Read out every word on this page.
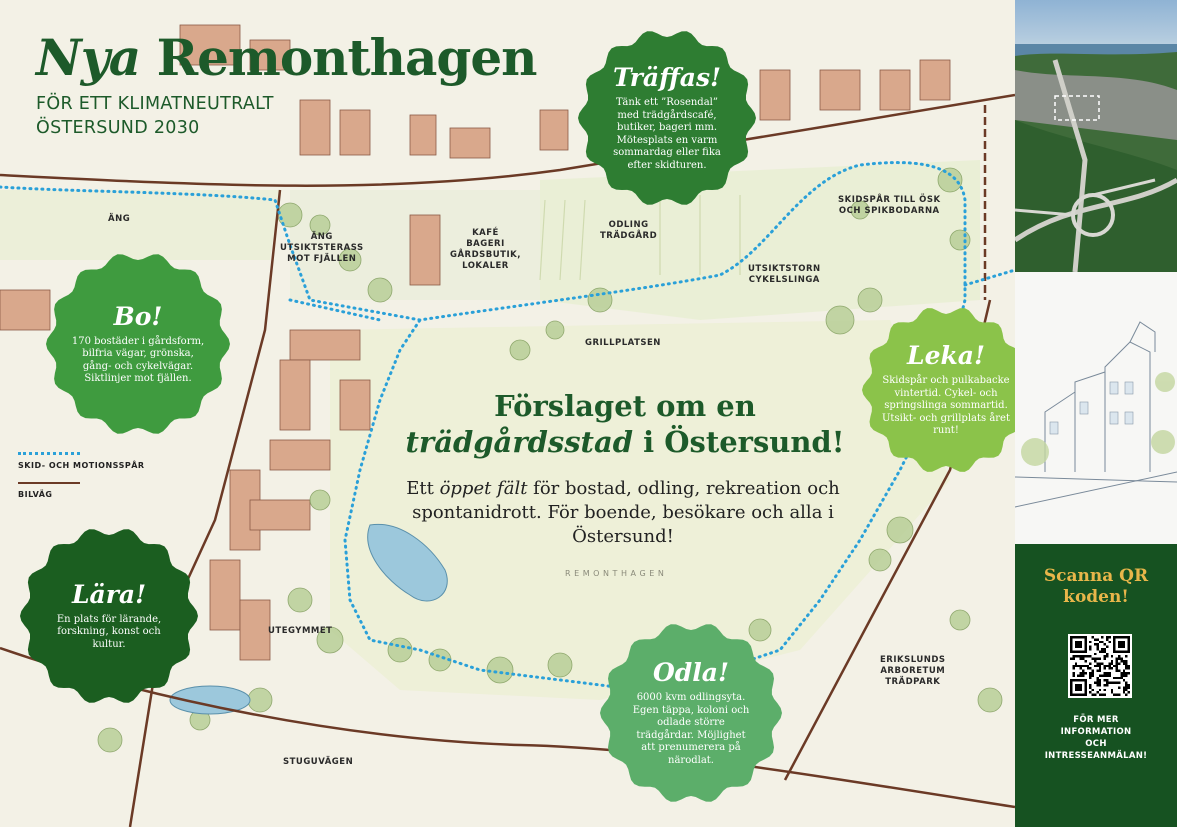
Nya Remonthagen
FÖR ETT KLIMATNEUTRALT
ÖSTERSUND 2030
ÄNG
ÄNG
UTSIKTSTERASS
MOT FJÄLLEN
KAFÉ
BAGERI
GÅRDSBUTIK,
LOKALER
ODLING
TRÄDGÅRD
SKIDSPÅR TILL ÖSK
OCH SPIKBODARNA
UTSIKTSTORN
CYKELSLINGA
GRILLPLATSEN
UTEGYMMET
STUGUVÄGEN
ERIKSLUNDS
ARBORETUM
TRÄDPARK
R E M O N T H A G E N
Förslaget om en
trädgårdsstad i Östersund!
Ett öppet fält för bostad, odling, rekreation och spontanidrott. För boende, besökare och alla i Östersund!
SKID- OCH MOTIONSSPÅR
BILVÄG
Träffas!
Tänk ett ”Rosendal” med trädgårdscafé, butiker, bageri mm. Mötesplats en varm sommardag eller fika efter skidturen.
Bo!
170 bostäder i gårdsform, bilfria vägar, grönska, gång- och cykelvägar. Siktlinjer mot fjällen.
Leka!
Skidspår och pulkabacke vintertid. Cykel- och springslinga sommartid. Utsikt- och grillplats året runt!
Lära!
En plats för lärande, forskning, konst och kultur.
Odla!
6000 kvm odlingsyta. Egen täppa, koloni och odlade större trädgårdar. Möjlighet att prenumerera på närodlat.
Scanna QR koden!
FÖR MER
INFORMATION
OCH
INTRESSEANMÄLAN!
